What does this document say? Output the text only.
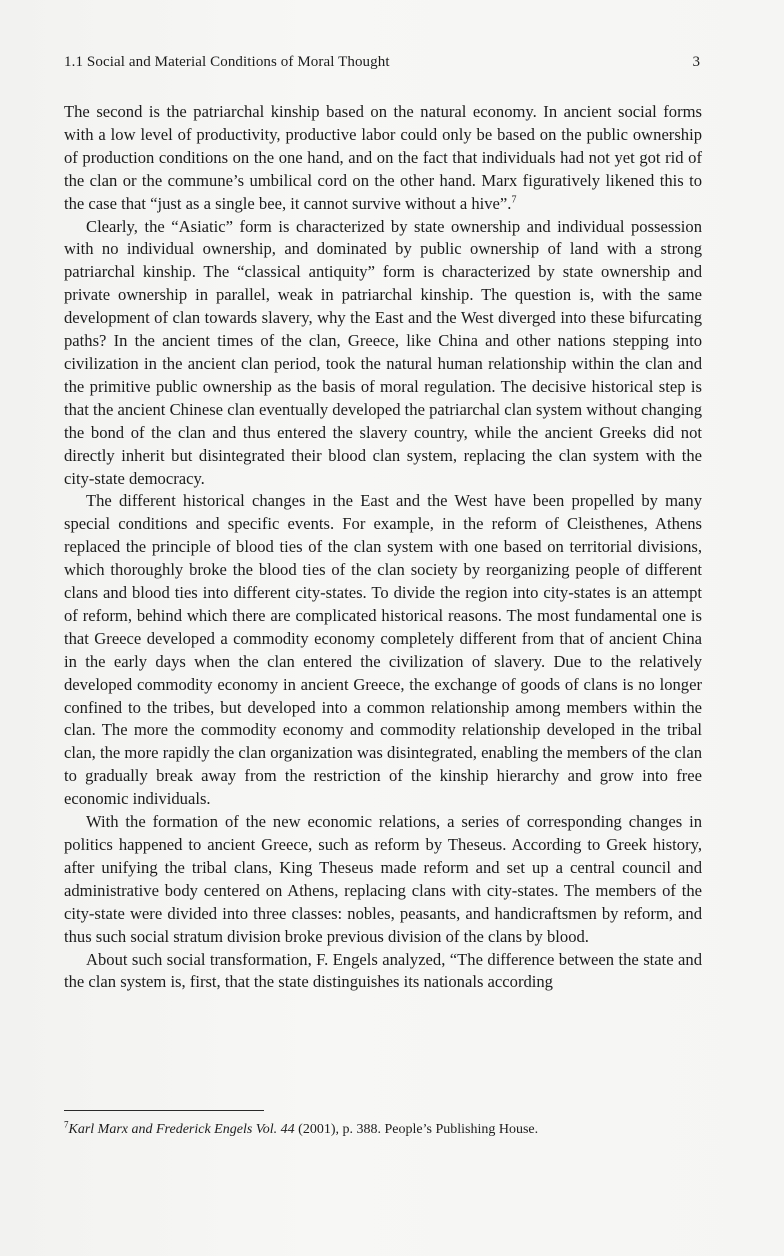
1.1 Social and Material Conditions of Moral Thought	3

The second is the patriarchal kinship based on the natural economy. In ancient social forms with a low level of productivity, productive labor could only be based on the public ownership of production conditions on the one hand, and on the fact that individuals had not yet got rid of the clan or the commune’s umbilical cord on the other hand. Marx figuratively likened this to the case that “just as a single bee, it cannot survive without a hive”.$^7$

Clearly, the “Asiatic” form is characterized by state ownership and individual possession with no individual ownership, and dominated by public ownership of land with a strong patriarchal kinship. The “classical antiquity” form is characterized by state ownership and private ownership in parallel, weak in patriarchal kinship. The question is, with the same development of clan towards slavery, why the East and the West diverged into these bifurcating paths? In the ancient times of the clan, Greece, like China and other nations stepping into civilization in the ancient clan period, took the natural human relationship within the clan and the primitive public ownership as the basis of moral regulation. The decisive historical step is that the ancient Chinese clan eventually developed the patriarchal clan system without changing the bond of the clan and thus entered the slavery country, while the ancient Greeks did not directly inherit but disintegrated their blood clan system, replacing the clan system with the city-state democracy.

The different historical changes in the East and the West have been propelled by many special conditions and specific events. For example, in the reform of Cleisthenes, Athens replaced the principle of blood ties of the clan system with one based on territorial divisions, which thoroughly broke the blood ties of the clan society by reorganizing people of different clans and blood ties into different city-states. To divide the region into city-states is an attempt of reform, behind which there are complicated historical reasons. The most fundamental one is that Greece developed a commodity economy completely different from that of ancient China in the early days when the clan entered the civilization of slavery. Due to the relatively developed commodity economy in ancient Greece, the exchange of goods of clans is no longer confined to the tribes, but developed into a common relationship among members within the clan. The more the commodity economy and commodity relationship developed in the tribal clan, the more rapidly the clan organization was disintegrated, enabling the members of the clan to gradually break away from the restriction of the kinship hierarchy and grow into free economic individuals.

With the formation of the new economic relations, a series of corresponding changes in politics happened to ancient Greece, such as reform by Theseus. According to Greek history, after unifying the tribal clans, King Theseus made reform and set up a central council and administrative body centered on Athens, replacing clans with city-states. The members of the city-state were divided into three classes: nobles, peasants, and handicraftsmen by reform, and thus such social stratum division broke previous division of the clans by blood.

About such social transformation, F. Engels analyzed, “The difference between the state and the clan system is, first, that the state distinguishes its nationals according

$^7$Karl Marx and Frederick Engels Vol. 44 (2001), p. 388. People’s Publishing House.
